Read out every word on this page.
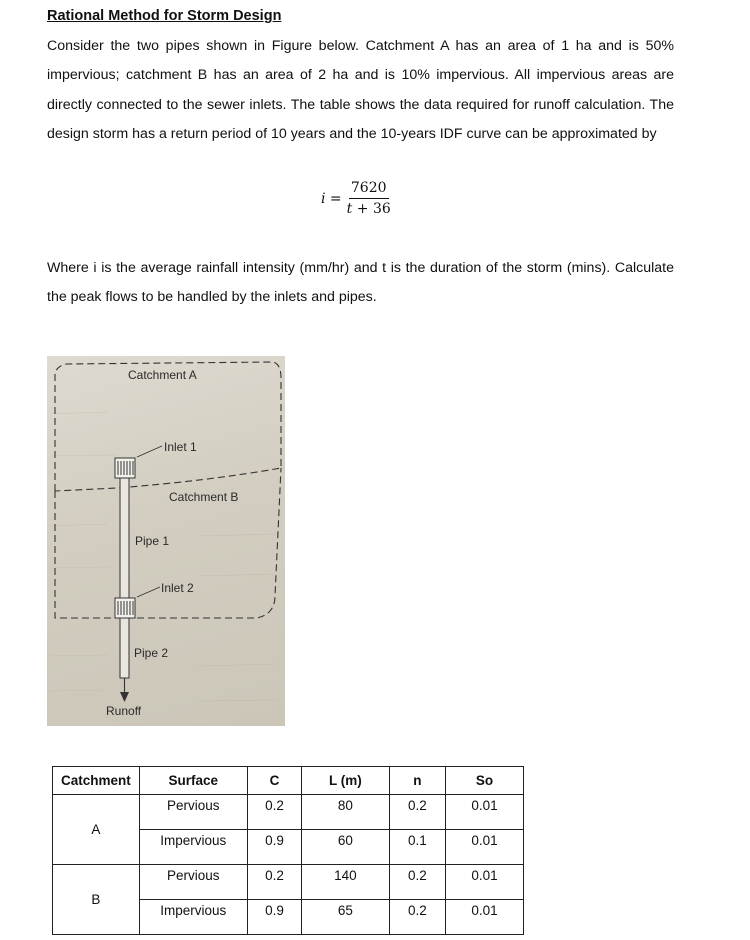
Rational Method for Storm Design
Consider the two pipes shown in Figure below. Catchment A has an area of 1 ha and is 50% impervious; catchment B has an area of 2 ha and is 10% impervious. All impervious areas are directly connected to the sewer inlets. The table shows the data required for runoff calculation. The design storm has a return period of 10 years and the 10-years IDF curve can be approximated by
$i = \frac{7620}{t + 36}$
Where i is the average rainfall intensity (mm/hr) and t is the duration of the storm (mins). Calculate the peak flows to be handled by the inlets and pipes.
Catchment A
Inlet 1
Catchment B
Pipe 1
Inlet 2
Pipe 2
Runoff
Catchment	Surface	C	L (m)	n	So
A	Pervious	0.2	80	0.2	0.01
	Impervious	0.9	60	0.1	0.01
B	Pervious	0.2	140	0.2	0.01
	Impervious	0.9	65	0.2	0.01
